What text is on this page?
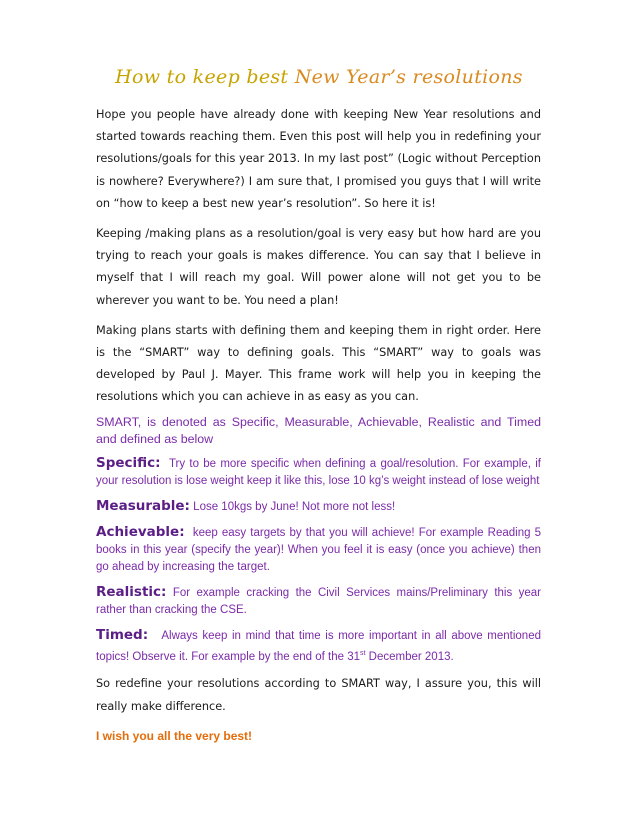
How to keep best New Year’s resolutions

Hope you people have already done with keeping New Year resolutions and started towards reaching them. Even this post will help you in redefining your resolutions/goals for this year 2013. In my last post” (Logic without Perception is nowhere? Everywhere?) I am sure that, I promised you guys that I will write on “how to keep a best new year’s resolution”. So here it is!

Keeping /making plans as a resolution/goal is very easy but how hard are you trying to reach your goals is makes difference. You can say that I believe in myself that I will reach my goal. Will power alone will not get you to be wherever you want to be. You need a plan!

Making plans starts with defining them and keeping them in right order. Here is the “SMART” way to defining goals. This “SMART” way to goals was developed by Paul J. Mayer. This frame work will help you in keeping the resolutions which you can achieve in as easy as you can.

SMART, is denoted as Specific, Measurable, Achievable, Realistic and Timed and defined as below

Specific: Try to be more specific when defining a goal/resolution. For example, if your resolution is lose weight keep it like this, lose 10 kg’s weight instead of lose weight

Measurable: Lose 10kgs by June! Not more not less!

Achievable: keep easy targets by that you will achieve! For example Reading 5 books in this year (specify the year)! When you feel it is easy (once you achieve) then go ahead by increasing the target.

Realistic: For example cracking the Civil Services mains/Preliminary this year rather than cracking the CSE.

Timed: Always keep in mind that time is more important in all above mentioned topics! Observe it. For example by the end of the 31st December 2013.

So redefine your resolutions according to SMART way, I assure you, this will really make difference.

I wish you all the very best!
